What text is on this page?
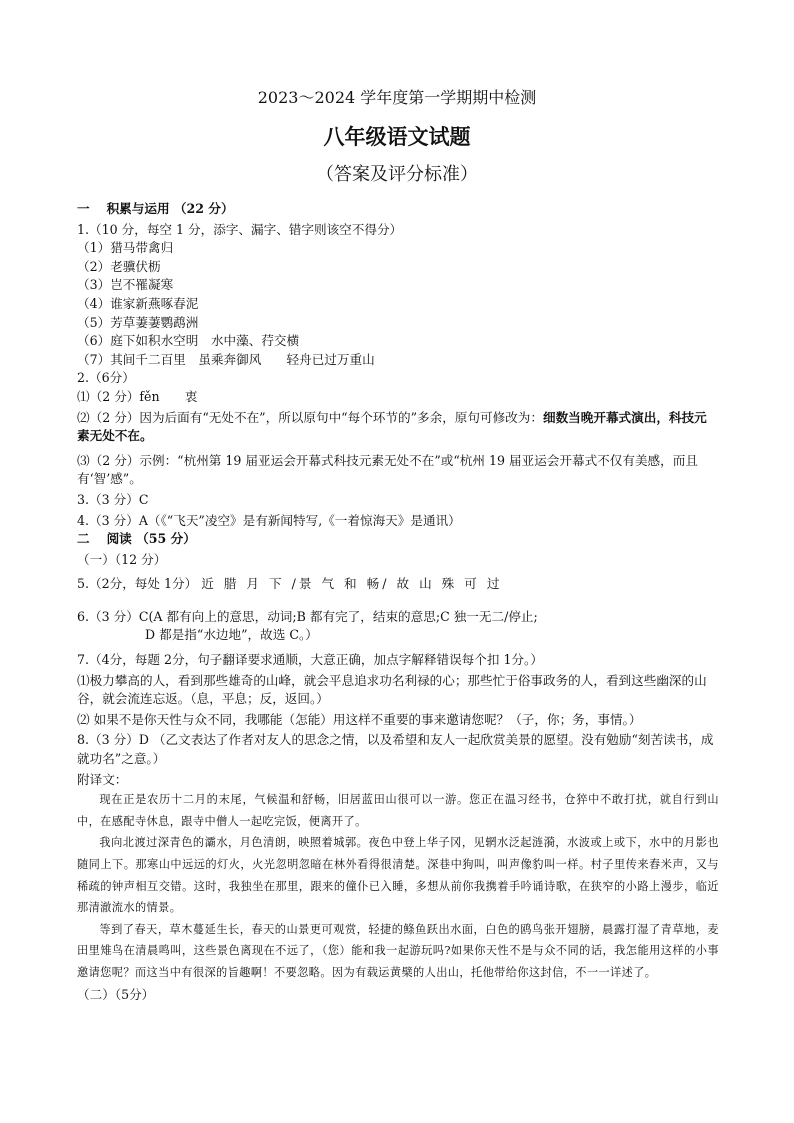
2023～2024 学年度第一学期期中检测
八年级语文试题
（答案及评分标准）
一　 积累与运用 （22 分）
1.（10 分，每空 1 分，添字、漏字、错字则该空不得分）
（1）猎马带禽归
（2）老骥伏枥
（3）岂不罹凝寒
（4）谁家新燕啄春泥
（5）芳草萋萋鹦鹉洲
（6）庭下如积水空明　水中藻、荇交横
（7）其间千二百里　虽乘奔御风　　轻舟已过万重山
2.（6分）
⑴（2 分）fěn　　衷
⑵（2 分）因为后面有“无处不在”，所以原句中“每个环节的”多余，原句可修改为：细数当晚开幕式演出，科技元素无处不在。
⑶（2 分）示例：“杭州第 19 届亚运会开幕式科技元素无处不在”或“杭州 19 届亚运会开幕式不仅有美感，而且有‘智’感”。
3.（3 分）C
4.（3 分）A（《“飞天”凌空》是有新闻特写,《一着惊海天》是通讯）
二　 阅读 （55 分）
（一）（12 分）
5.（2分，每处 1分） 近 腊 月 下 /景 气 和 畅/ 故 山 殊 可 过
6.（3 分）C(A 都有向上的意思，动词;B 都有完了，结束的意思;C 独一无二/停止;
D 都是指“水边地”，故选 C。）
7.（4分，每题 2分，句子翻译要求通顺，大意正确，加点字解释错误每个扣 1分。）
⑴极力攀高的人，看到那些雄奇的山峰，就会平息追求功名利禄的心；那些忙于俗事政务的人，看到这些幽深的山谷，就会流连忘返。（息，平息；反，返回。）
⑵ 如果不是你天性与众不同，我哪能（怎能）用这样不重要的事来邀请您呢？（子，你；务，事情。）
8.（3 分）D （乙文表达了作者对友人的思念之情，以及希望和友人一起欣赏美景的愿望。没有勉励“刻苦读书，成就功名”之意。）
附译文：

现在正是农历十二月的末尾，气候温和舒畅，旧居蓝田山很可以一游。您正在温习经书，仓猝中不敢打扰，就自行到山中，在感配寺休息，跟寺中僧人一起吃完饭，便离开了。

我向北渡过深青色的灞水，月色清朗，映照着城郭。夜色中登上华子冈，见辋水泛起涟漪，水波或上或下，水中的月影也随同上下。那寒山中远远的灯火，火光忽明忽暗在林外看得很清楚。深巷中狗叫，叫声像豹叫一样。村子里传来舂米声，又与稀疏的钟声相互交错。这时，我独坐在那里，跟来的僮仆已入睡，多想从前你我携着手吟诵诗歌，在狭窄的小路上漫步，临近那清澈流水的情景。

等到了春天，草木蔓延生长，春天的山景更可观赏，轻捷的鲦鱼跃出水面，白色的鸥鸟张开翅膀，晨露打湿了青草地，麦田里雉鸟在清晨鸣叫，这些景色离现在不远了，（您）能和我一起游玩吗?如果你天性不是与众不同的话，我怎能用这样的小事邀请您呢？而这当中有很深的旨趣啊！不要忽略。因为有载运黄檗的人出山，托他带给你这封信，不一一详述了。

（二）（5分）
